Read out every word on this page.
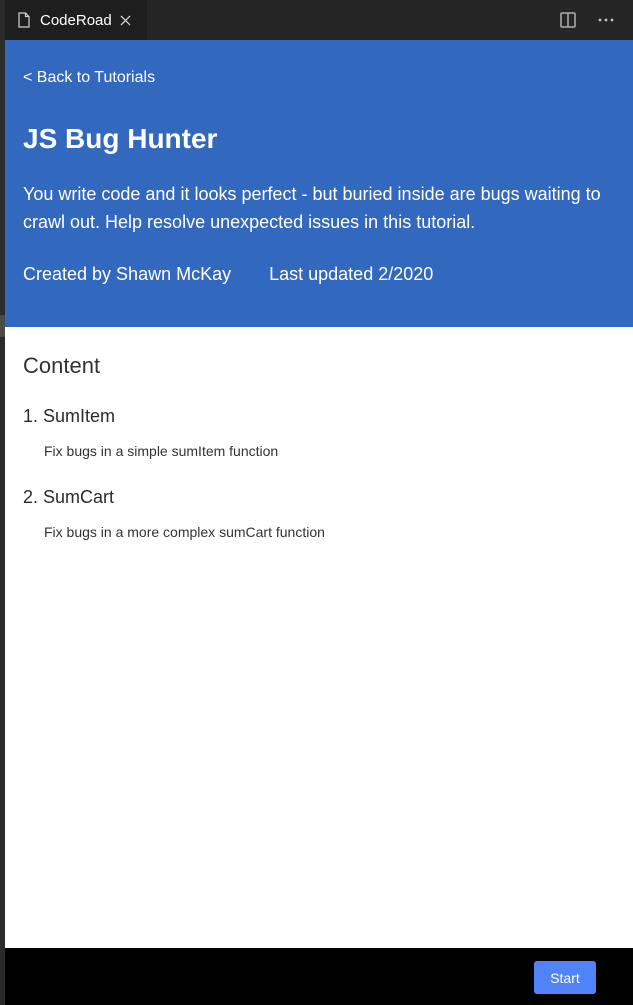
CodeRoad
< Back to Tutorials
JS Bug Hunter

You write code and it looks perfect - but buried inside are bugs waiting to crawl out. Help resolve unexpected issues in this tutorial.

Created by Shawn McKay Last updated 2/2020
Content
1. SumItem
Fix bugs in a simple sumItem function
2. SumCart
Fix bugs in a more complex sumCart function
Start
